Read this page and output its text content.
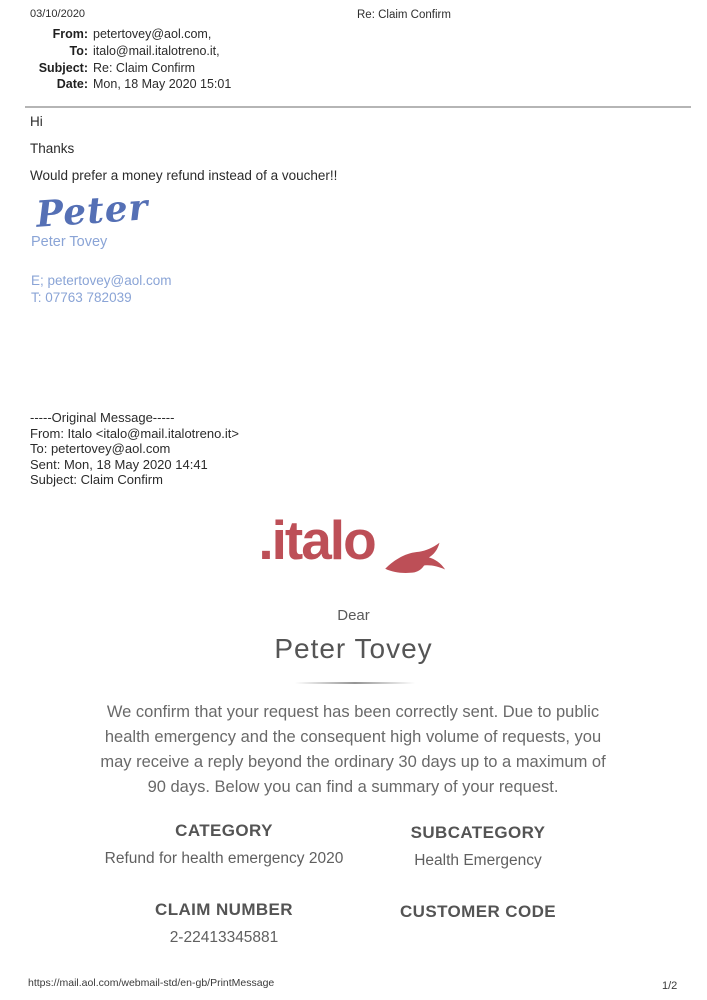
03/10/2020	Re: Claim Confirm
From: petertovey@aol.com,
To: italo@mail.italotreno.it,
Subject: Re: Claim Confirm
Date: Mon, 18 May 2020 15:01
Hi
Thanks
Would prefer a money refund instead of a voucher!!
Peter
Peter Tovey
E; petertovey@aol.com
T: 07763 782039
-----Original Message-----
From: Italo <italo@mail.italotreno.it>
To: petertovey@aol.com
Sent: Mon, 18 May 2020 14:41
Subject: Claim Confirm
.italo
Dear
Peter Tovey
We confirm that your request has been correctly sent. Due to public health emergency and the consequent high volume of requests, you may receive a reply beyond the ordinary 30 days up to a maximum of 90 days. Below you can find a summary of your request.
CATEGORY	SUBCATEGORY
Refund for health emergency 2020	Health Emergency
CLAIM NUMBER	CUSTOMER CODE
2-22413345881
https://mail.aol.com/webmail-std/en-gb/PrintMessage	1/2
